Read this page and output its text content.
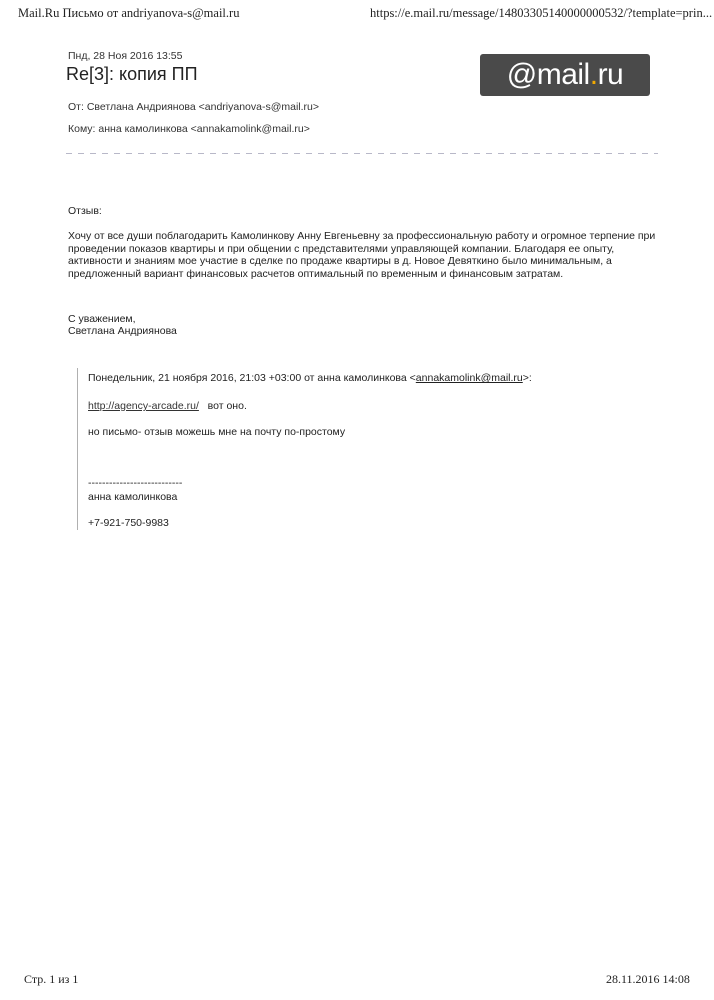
Mail.Ru Письмо от andriyanova-s@mail.ru	https://e.mail.ru/message/14803305140000000532/?template=prin...
Пнд, 28 Ноя 2016 13:55
Re[3]: копия ПП	@mail.ru
От: Светлана Андриянова <andriyanova-s@mail.ru>
Кому: анна камолинкова <annakamolink@mail.ru>
Отзыв:
Хочу от все души поблагодарить Камолинкову Анну Евгеньевну за профессиональную работу и огромное терпение при проведении показов квартиры и при общении с представителями управляющей компании. Благодаря ее опыту, активности и знаниям мое участие в сделке по продаже квартиры в д. Новое Девяткино было минимальным, а предложенный вариант финансовых расчетов оптимальный по временным и финансовым затратам.
С уважением,
Светлана Андриянова
Понедельник, 21 ноября 2016, 21:03 +03:00 от анна камолинкова <annakamolink@mail.ru>:
http://agency-arcade.ru/ вот оно.
но письмо- отзыв можешь мне на почту по-простому
---------------------------
анна камолинкова
+7-921-750-9983
Стр. 1 из 1	28.11.2016 14:08
